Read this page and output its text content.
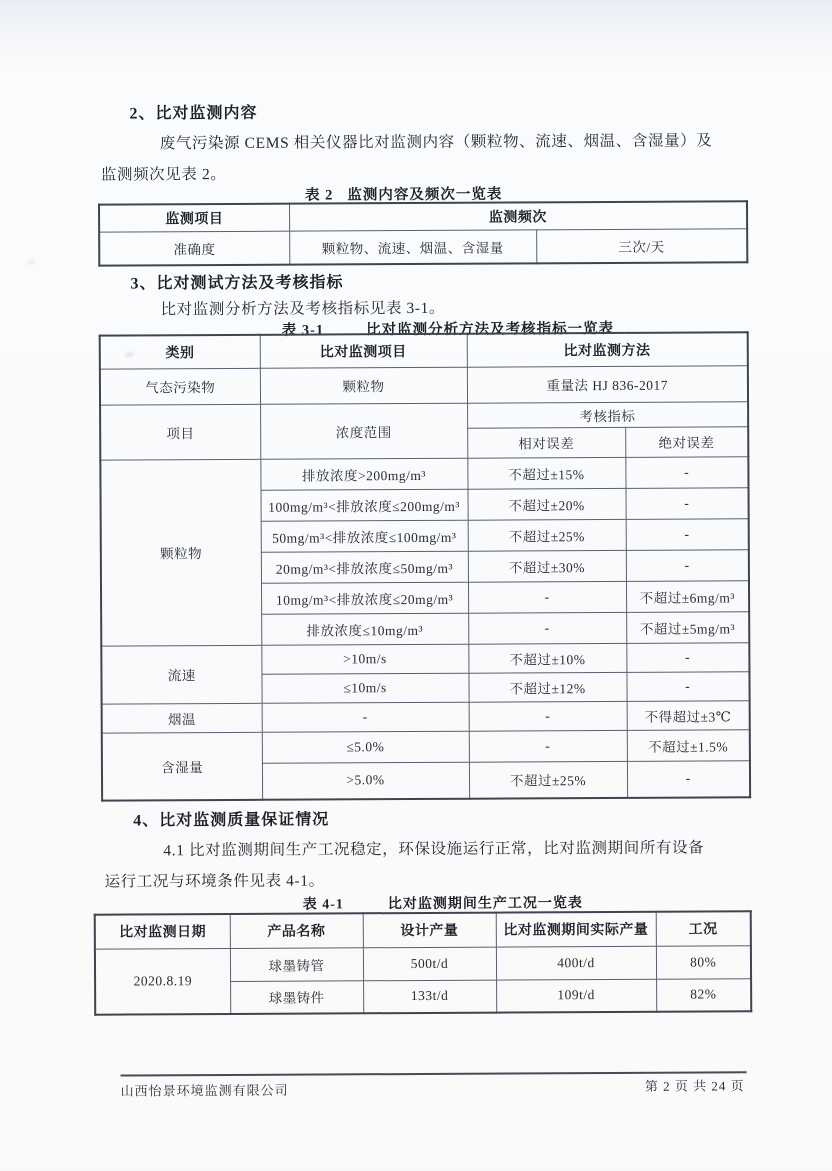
2、比对监测内容
废气污染源 CEMS 相关仪器比对监测内容（颗粒物、流速、烟温、含湿量）及
监测频次见表 2。
表 2 监测内容及频次一览表
监测项目	监测频次	
准确度	颗粒物、流速、烟温、含湿量	三次/天
3、比对测试方法及考核指标
比对监测分析方法及考核指标见表 3-1。
表 3-1	比对监测分析方法及考核指标一览表
类别	比对监测项目	比对监测方法	
气态污染物	颗粒物	重量法 HJ 836-2017	
项目	浓度范围	考核指标	
		相对误差	绝对误差
颗粒物	排放浓度>200mg/m³	不超过±15%	-
	100mg/m³<排放浓度≤200mg/m³	不超过±20%	-
	50mg/m³<排放浓度≤100mg/m³	不超过±25%	-
	20mg/m³<排放浓度≤50mg/m³	不超过±30%	-
	10mg/m³<排放浓度≤20mg/m³	-	不超过±6mg/m³
	排放浓度≤10mg/m³	-	不超过±5mg/m³
流速	>10m/s	不超过±10%	-
	≤10m/s	不超过±12%	-
烟温	-	-	不得超过±3℃
含湿量	≤5.0%	-	不超过±1.5%
	>5.0%	不超过±25%	-
4、比对监测质量保证情况
4.1 比对监测期间生产工况稳定，环保设施运行正常，比对监测期间所有设备
运行工况与环境条件见表 4-1。
表 4-1	比对监测期间生产工况一览表
比对监测日期	产品名称	设计产量	比对监测期间实际产量	工况
2020.8.19	球墨铸管	500t/d	400t/d	80%
	球墨铸件	133t/d	109t/d	82%
山西怡景环境监测有限公司	第 2 页 共 24 页
